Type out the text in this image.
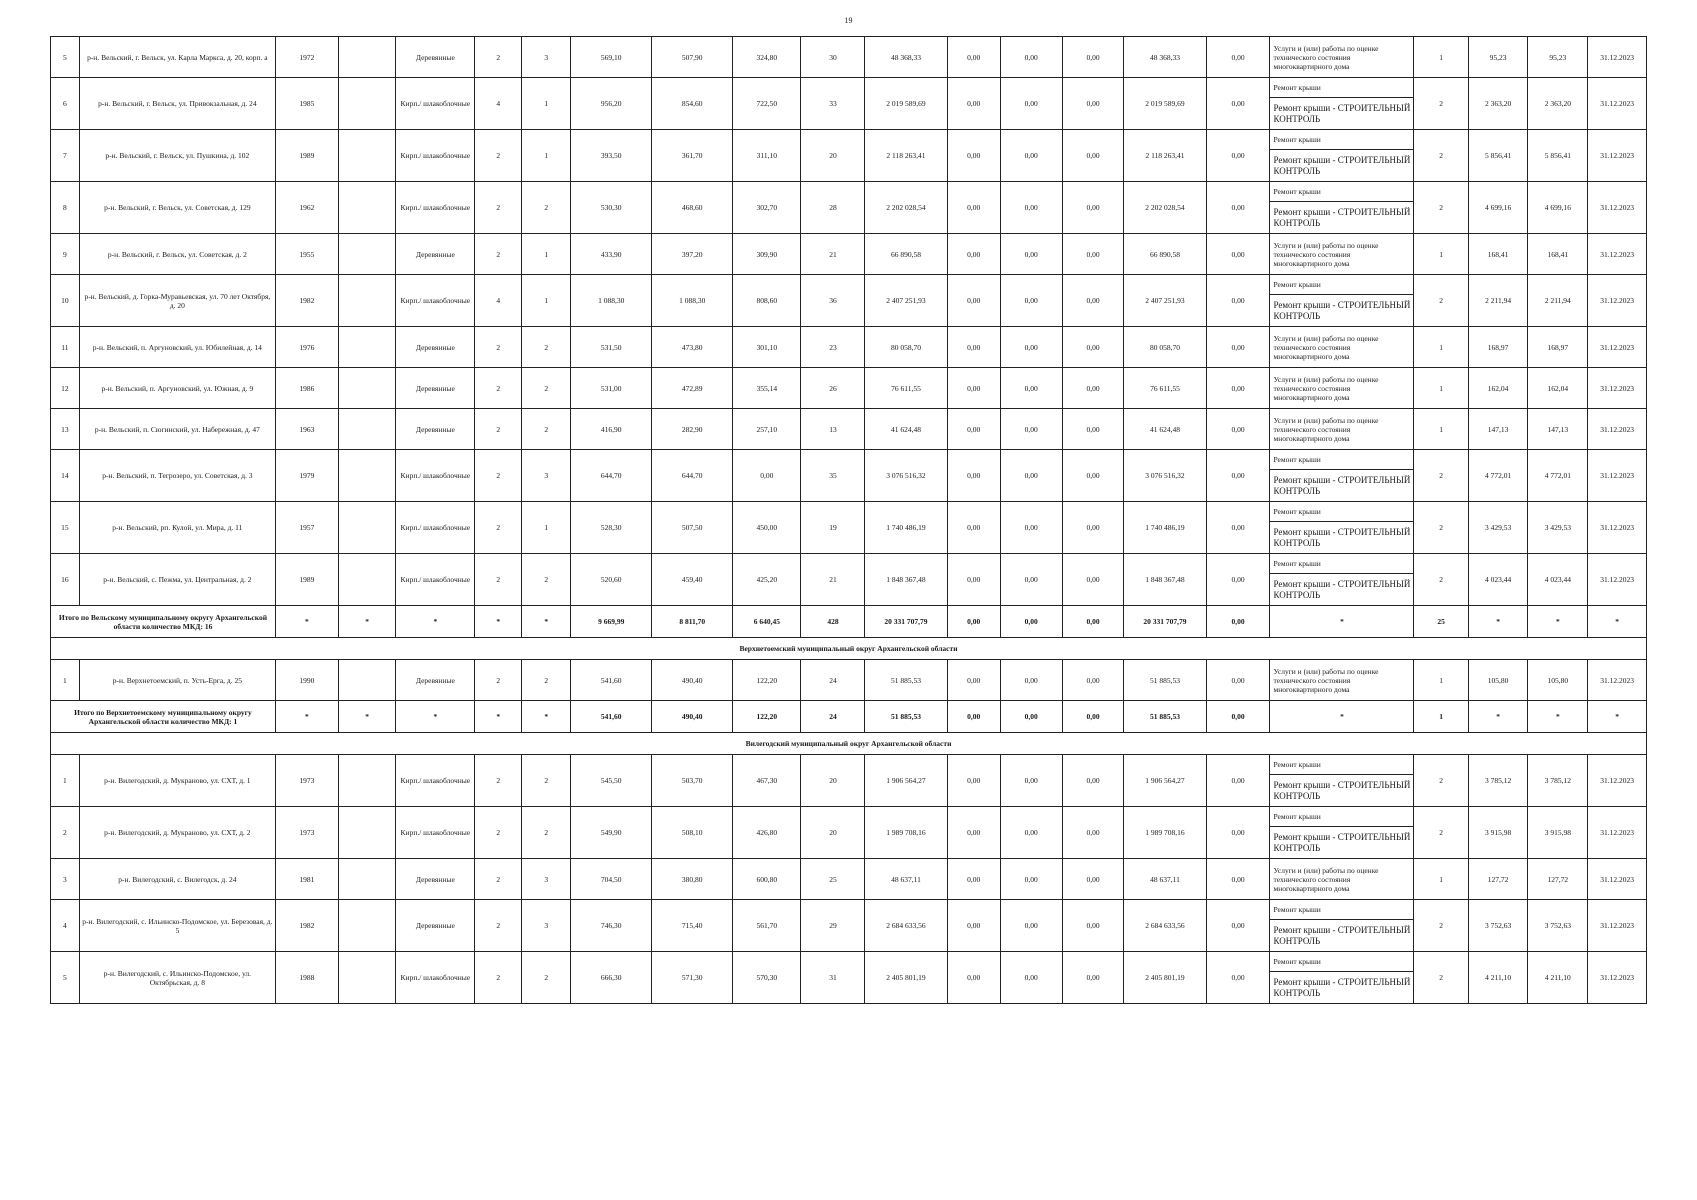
19
5	р-н. Вельский, г. Вельск, ул. Карла Маркса, д. 20, корп. а	1972		Деревянные	2	3	569,10	507,90	324,80	30	48 368,33	0,00	0,00	0,00	48 368,33	0,00	Услуги и (или) работы по оценке технического состояния многоквартирного дома	1	95,23	95,23	31.12.2023
6	р-н. Вельский, г. Вельск, ул. Привокзальная, д. 24	1985		Кирп./ шлакоблочные	4	1	956,20	854,60	722,50	33	2 019 589,69	0,00	0,00	0,00	2 019 589,69	0,00	Ремонт крыши	2	2 363,20	2 363,20	31.12.2023
																	Ремонт крыши - СТРОИТЕЛЬНЫЙ КОНТРОЛЬ				
7	р-н. Вельский, г. Вельск, ул. Пушкина, д. 102	1989		Кирп./ шлакоблочные	2	1	393,50	361,70	311,10	20	2 118 263,41	0,00	0,00	0,00	2 118 263,41	0,00	Ремонт крыши	2	5 856,41	5 856,41	31.12.2023
																	Ремонт крыши - СТРОИТЕЛЬНЫЙ КОНТРОЛЬ				
8	р-н. Вельский, г. Вельск, ул. Советская, д. 129	1962		Кирп./ шлакоблочные	2	2	530,30	468,60	302,70	28	2 202 028,54	0,00	0,00	0,00	2 202 028,54	0,00	Ремонт крыши	2	4 699,16	4 699,16	31.12.2023
																	Ремонт крыши - СТРОИТЕЛЬНЫЙ КОНТРОЛЬ				
9	р-н. Вельский, г. Вельск, ул. Советская, д. 2	1955		Деревянные	2	1	433,90	397,20	309,90	21	66 890,58	0,00	0,00	0,00	66 890,58	0,00	Услуги и (или) работы по оценке технического состояния многоквартирного дома	1	168,41	168,41	31.12.2023
10	р-н. Вельский, д. Горка-Муравьевская, ул. 70 лет Октября, д. 20	1982		Кирп./ шлакоблочные	4	1	1 088,30	1 088,30	808,60	36	2 407 251,93	0,00	0,00	0,00	2 407 251,93	0,00	Ремонт крыши	2	2 211,94	2 211,94	31.12.2023
																	Ремонт крыши - СТРОИТЕЛЬНЫЙ КОНТРОЛЬ				
11	р-н. Вельский, п. Аргуновский, ул. Юбилейная, д. 14	1976		Деревянные	2	2	531,50	473,80	301,10	23	80 058,70	0,00	0,00	0,00	80 058,70	0,00	Услуги и (или) работы по оценке технического состояния многоквартирного дома	1	168,97	168,97	31.12.2023
12	р-н. Вельский, п. Аргуновский, ул. Южная, д. 9	1986		Деревянные	2	2	531,00	472,89	355,14	26	76 611,55	0,00	0,00	0,00	76 611,55	0,00	Услуги и (или) работы по оценке технического состояния многоквартирного дома	1	162,04	162,04	31.12.2023
13	р-н. Вельский, п. Сюгинский, ул. Набережная, д. 47	1963		Деревянные	2	2	416,90	282,90	257,10	13	41 624,48	0,00	0,00	0,00	41 624,48	0,00	Услуги и (или) работы по оценке технического состояния многоквартирного дома	1	147,13	147,13	31.12.2023
14	р-н. Вельский, п. Тегрозеро, ул. Советская, д. 3	1979		Кирп./ шлакоблочные	2	3	644,70	644,70	0,00	35	3 076 516,32	0,00	0,00	0,00	3 076 516,32	0,00	Ремонт крыши	2	4 772,01	4 772,01	31.12.2023
																	Ремонт крыши - СТРОИТЕЛЬНЫЙ КОНТРОЛЬ				
15	р-н. Вельский, рп. Кулой, ул. Мира, д. 11	1957		Кирп./ шлакоблочные	2	1	528,30	507,50	450,00	19	1 740 486,19	0,00	0,00	0,00	1 740 486,19	0,00	Ремонт крыши	2	3 429,53	3 429,53	31.12.2023
																	Ремонт крыши - СТРОИТЕЛЬНЫЙ КОНТРОЛЬ				
16	р-н. Вельский, с. Пежма, ул. Центральная, д. 2	1989		Кирп./ шлакоблочные	2	2	520,60	459,40	425,20	21	1 848 367,48	0,00	0,00	0,00	1 848 367,48	0,00	Ремонт крыши	2	4 023,44	4 023,44	31.12.2023
																	Ремонт крыши - СТРОИТЕЛЬНЫЙ КОНТРОЛЬ				
Итого по Вельскому муниципальному округу Архангельской области количество МКД: 16		*	*	*	*	*	9 669,99	8 811,70	6 640,45	428	20 331 707,79	0,00	0,00	0,00	20 331 707,79	0,00	*	25	*	*	*
Верхнетоемский муниципальный округ Архангельской области																					
1	р-н. Верхнетоемский, п. Усть-Ерга, д. 25	1990		Деревянные	2	2	541,60	490,40	122,20	24	51 885,53	0,00	0,00	0,00	51 885,53	0,00	Услуги и (или) работы по оценке технического состояния многоквартирного дома	1	105,80	105,80	31.12.2023
Итого по Верхнетоемскому муниципальному округу Архангельской области количество МКД: 1		*	*	*	*	*	541,60	490,40	122,20	24	51 885,53	0,00	0,00	0,00	51 885,53	0,00	*	1	*	*	*
Вилегодский муниципальный округ Архангельской области																					
1	р-н. Вилегодский, д. Мукраново, ул. СХТ, д. 1	1973		Кирп./ шлакоблочные	2	2	545,50	503,70	467,30	20	1 906 564,27	0,00	0,00	0,00	1 906 564,27	0,00	Ремонт крыши	2	3 785,12	3 785,12	31.12.2023
																	Ремонт крыши - СТРОИТЕЛЬНЫЙ КОНТРОЛЬ				
2	р-н. Вилегодский, д. Мукраново, ул. СХТ, д. 2	1973		Кирп./ шлакоблочные	2	2	549,90	508,10	426,80	20	1 989 708,16	0,00	0,00	0,00	1 989 708,16	0,00	Ремонт крыши	2	3 915,98	3 915,98	31.12.2023
																	Ремонт крыши - СТРОИТЕЛЬНЫЙ КОНТРОЛЬ				
3	р-н. Вилегодский, с. Вилегодск, д. 24	1981		Деревянные	2	3	704,50	380,80	600,80	25	48 637,11	0,00	0,00	0,00	48 637,11	0,00	Услуги и (или) работы по оценке технического состояния многоквартирного дома	1	127,72	127,72	31.12.2023
4	р-н. Вилегодский, с. Ильинско-Подомское, ул. Березовая, д. 5	1982		Деревянные	2	3	746,30	715,40	561,70	29	2 684 633,56	0,00	0,00	0,00	2 684 633,56	0,00	Ремонт крыши	2	3 752,63	3 752,63	31.12.2023
																	Ремонт крыши - СТРОИТЕЛЬНЫЙ КОНТРОЛЬ				
5	р-н. Вилегодский, с. Ильинско-Подомское, ул. Октябрьская, д. 8	1988		Кирп./ шлакоблочные	2	2	666,30	571,30	570,30	31	2 405 801,19	0,00	0,00	0,00	2 405 801,19	0,00	Ремонт крыши	2	4 211,10	4 211,10	31.12.2023
																	Ремонт крыши - СТРОИТЕЛЬНЫЙ КОНТРОЛЬ				
